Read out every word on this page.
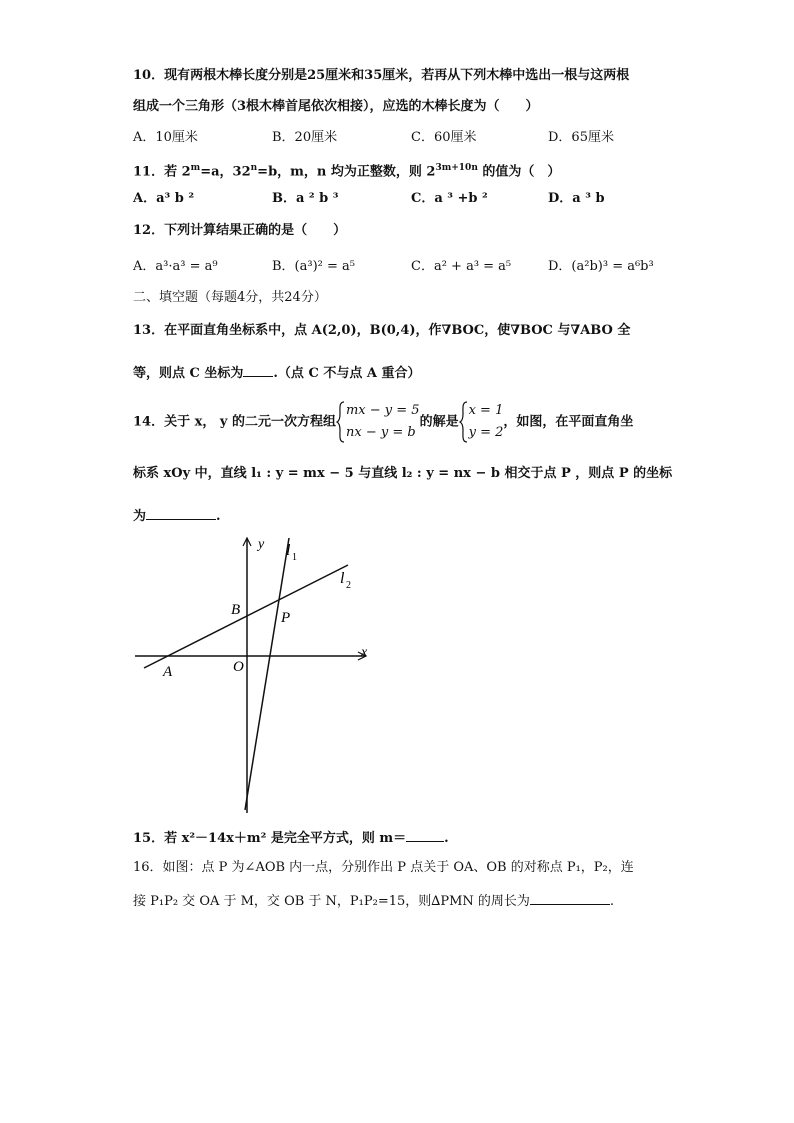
10．现有两根木棒长度分别是25厘米和35厘米，若再从下列木棒中选出一根与这两根
组成一个三角形（3根木棒首尾依次相接），应选的木棒长度为（　　）
A．10厘米	B．20厘米	C．60厘米	D．65厘米
11．若 $2^m=a$，$32^n=b$，m，n 均为正整数，则 $2^{3m+10n}$ 的值为（　）
A．a³ b ²	B．a ² b ³	C．a ³ +b ²	D．a ³ b
12．下列计算结果正确的是（　　）
A．a³·a³ = a⁹	B．(a³)² = a⁵	C．a² + a³ = a⁵	D．(a²b)³ = a⁶b³
二、填空题（每题4分，共24分）
13．在平面直角坐标系中，点 A(2,0)，B(0,4)，作∇BOC，使∇BOC 与∇ABO 全
等，则点 C 坐标为 .（点 C 不与点 A 重合）
14．关于 x， y 的二元一次方程组
mx − y = 5
nx − y = b
的解是
x = 1
y = 2
，如图，在平面直角坐
标系 xOy 中，直线 l₁ : y = mx − 5 与直线 l₂ : y = nx − b 相交于点 P ，则点 P 的坐标
为	.
y
x
l 1
l 2
B	P
A	O
15．若 x²－14x＋m² 是完全平方式，则 m＝	.
16．如图：点 P 为∠AOB 内一点，分别作出 P 点关于 OA、OB 的对称点 P₁，P₂，连
接 P₁P₂ 交 OA 于 M，交 OB 于 N，P₁P₂=15，则∆PMN 的周长为	.
